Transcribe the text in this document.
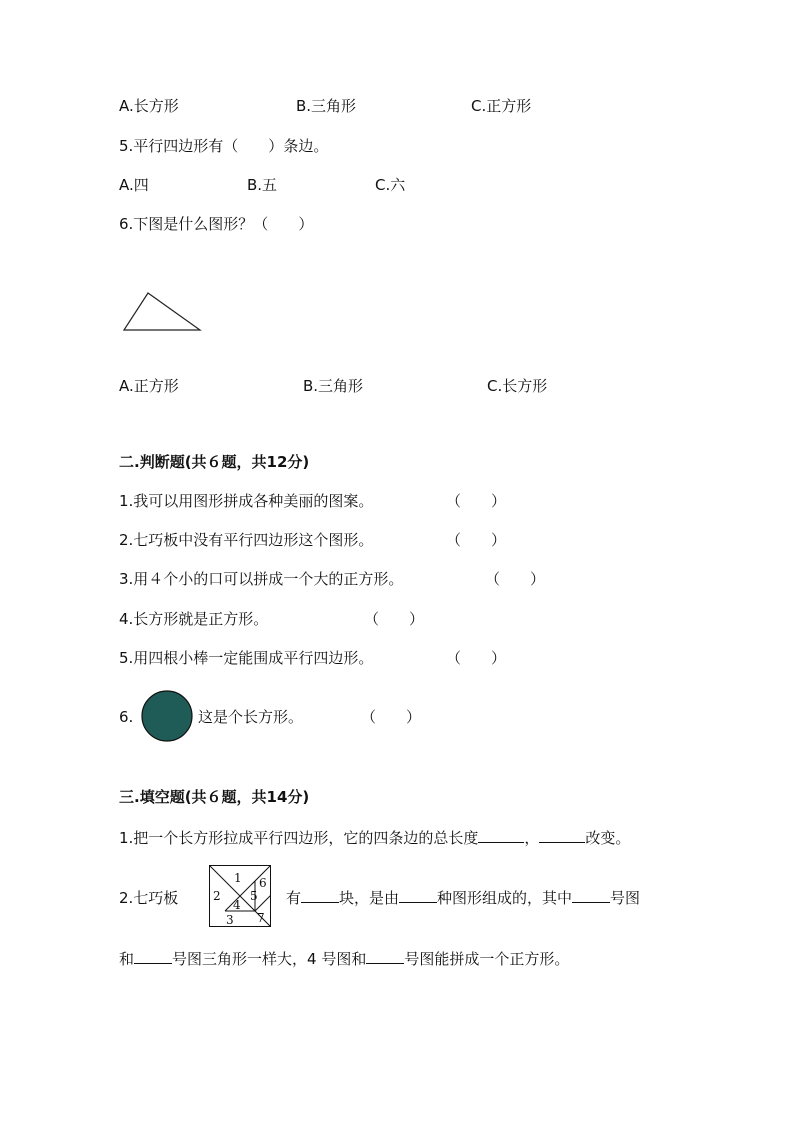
A.长方形	B.三角形	C.正方形
5.平行四边形有（　　）条边。
A.四	B.五	C.六
6.下图是什么图形？（　　）
A.正方形	B.三角形	C.长方形
二.判断题(共６题，共12分)
1.我可以用图形拼成各种美丽的图案。	（　　）
2.七巧板中没有平行四边形这个图形。	（　　）
3.用４个小的口可以拼成一个大的正方形。	（　　）
4.长方形就是正方形。	（　　）
5.用四根小棒一定能围成平行四边形。	（　　）
6.	这是个长方形。	（　　）
三.填空题(共６题，共14分)
1.把一个长方形拉成平行四边形，它的四条边的总长度	，	改变。
2.七巧板
1
2
3
4
5
6
7
有	块，是由	种图形组成的，其中	号图
和	号图三角形一样大，4 号图和	号图能拼成一个正方形。
